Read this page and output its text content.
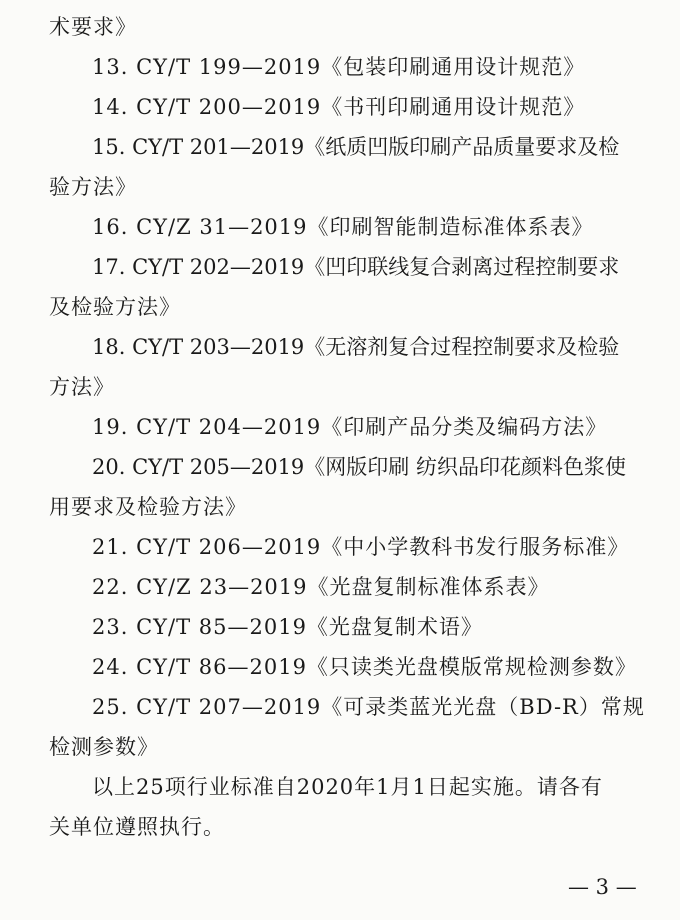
术要求》
13. CY/T 199—2019《包装印刷通用设计规范》
14. CY/T 200—2019《书刊印刷通用设计规范》
15. CY/T 201—2019《纸质凹版印刷产品质量要求及检
验方法》
16. CY/Z 31—2019《印刷智能制造标准体系表》
17. CY/T 202—2019《凹印联线复合剥离过程控制要求
及检验方法》
18. CY/T 203—2019《无溶剂复合过程控制要求及检验
方法》
19. CY/T 204—2019《印刷产品分类及编码方法》
20. CY/T 205—2019《网版印刷 纺织品印花颜料色浆使
用要求及检验方法》
21. CY/T 206—2019《中小学教科书发行服务标准》
22. CY/Z 23—2019《光盘复制标准体系表》
23. CY/T 85—2019《光盘复制术语》
24. CY/T 86—2019《只读类光盘模版常规检测参数》
25. CY/T 207—2019《可录类蓝光光盘（BD-R）常规
检测参数》
以上25项行业标准自2020年1月1日起实施。请各有
关单位遵照执行。
— 3 —
